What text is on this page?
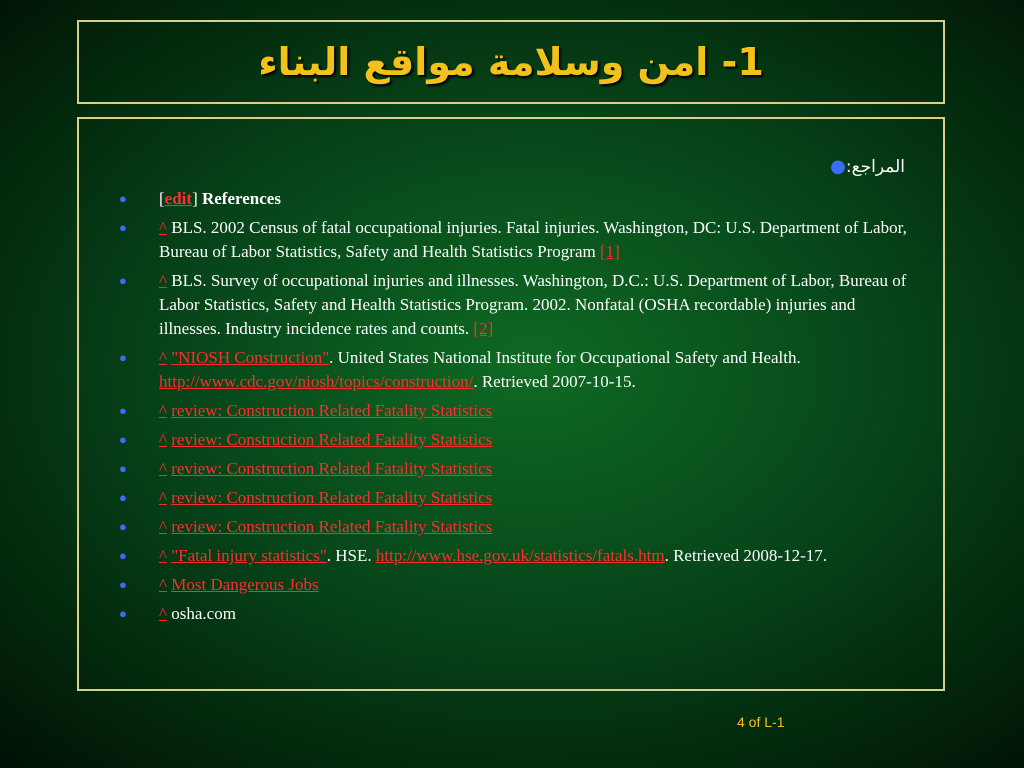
1- امن وسلامة مواقع البناء
● المراجع:
● [edit] References
● ^ BLS. 2002 Census of fatal occupational injuries. Fatal injuries. Washington, DC: U.S. Department of Labor, Bureau of Labor Statistics, Safety and Health Statistics Program [1]
● ^ BLS. Survey of occupational injuries and illnesses. Washington, D.C.: U.S. Department of Labor, Bureau of Labor Statistics, Safety and Health Statistics Program. 2002. Nonfatal (OSHA recordable) injuries and illnesses. Industry incidence rates and counts. [2]
● ^ "NIOSH Construction". United States National Institute for Occupational Safety and Health. http://www.cdc.gov/niosh/topics/construction/. Retrieved 2007-10-15.
● ^ review: Construction Related Fatality Statistics
● ^ review: Construction Related Fatality Statistics
● ^ review: Construction Related Fatality Statistics
● ^ review: Construction Related Fatality Statistics
● ^ review: Construction Related Fatality Statistics
● ^ "Fatal injury statistics". HSE. http://www.hse.gov.uk/statistics/fatals.htm. Retrieved 2008-12-17.
● ^ Most Dangerous Jobs
● ^ osha.com
4 of L-1
